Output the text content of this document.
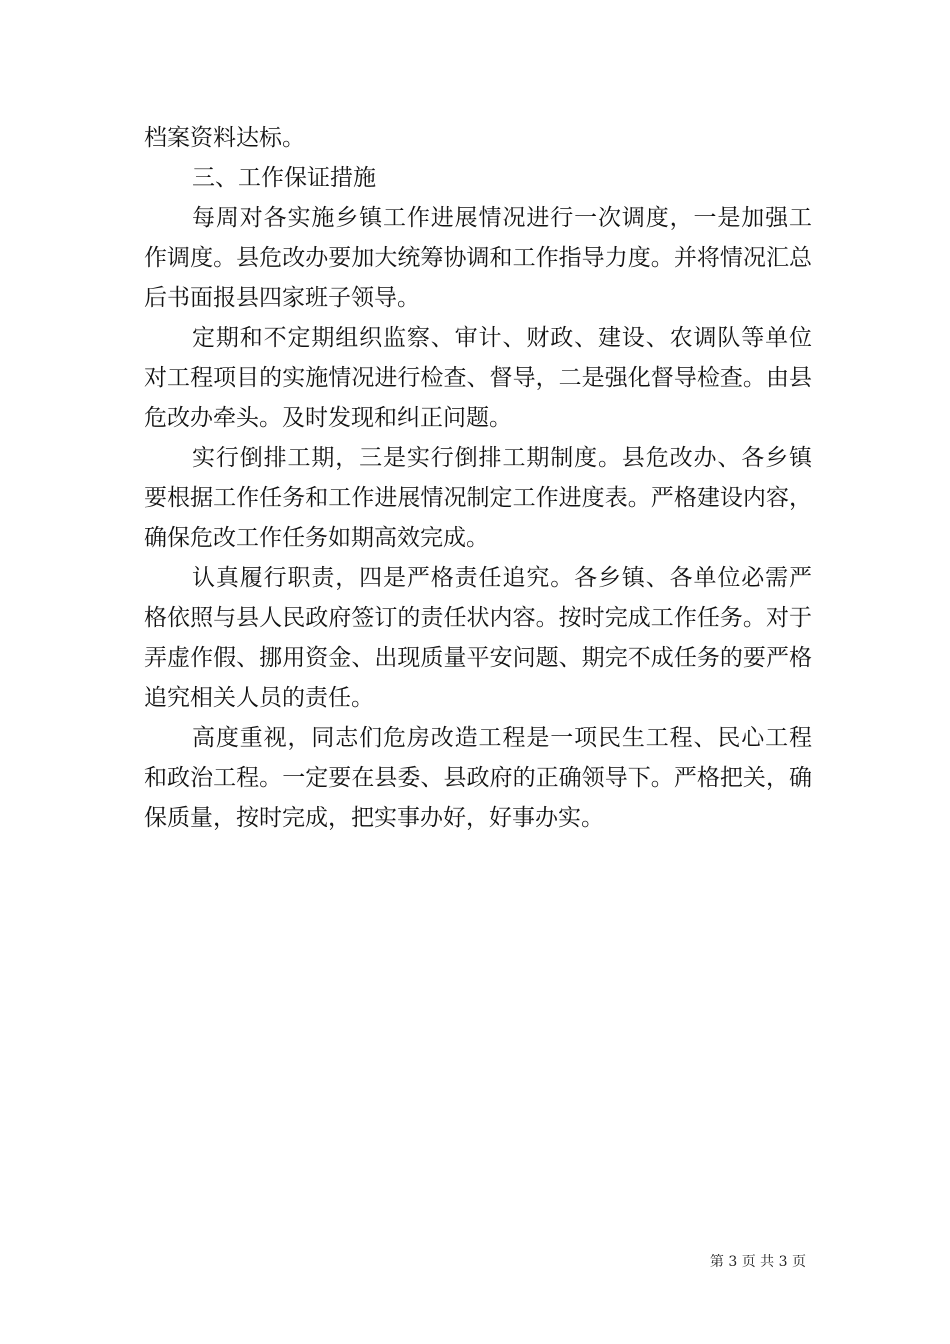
档案资料达标。

三、工作保证措施

每周对各实施乡镇工作进展情况进行一次调度，一是加强工作调度。县危改办要加大统筹协调和工作指导力度。并将情况汇总后书面报县四家班子领导。

定期和不定期组织监察、审计、财政、建设、农调队等单位对工程项目的实施情况进行检查、督导，二是强化督导检查。由县危改办牵头。及时发现和纠正问题。

实行倒排工期，三是实行倒排工期制度。县危改办、各乡镇要根据工作任务和工作进展情况制定工作进度表。严格建设内容，确保危改工作任务如期高效完成。

认真履行职责，四是严格责任追究。各乡镇、各单位必需严格依照与县人民政府签订的责任状内容。按时完成工作任务。对于弄虚作假、挪用资金、出现质量平安问题、期完不成任务的要严格追究相关人员的责任。

高度重视，同志们危房改造工程是一项民生工程、民心工程和政治工程。一定要在县委、县政府的正确领导下。严格把关，确保质量，按时完成，把实事办好，好事办实。

第 3 页 共 3 页
